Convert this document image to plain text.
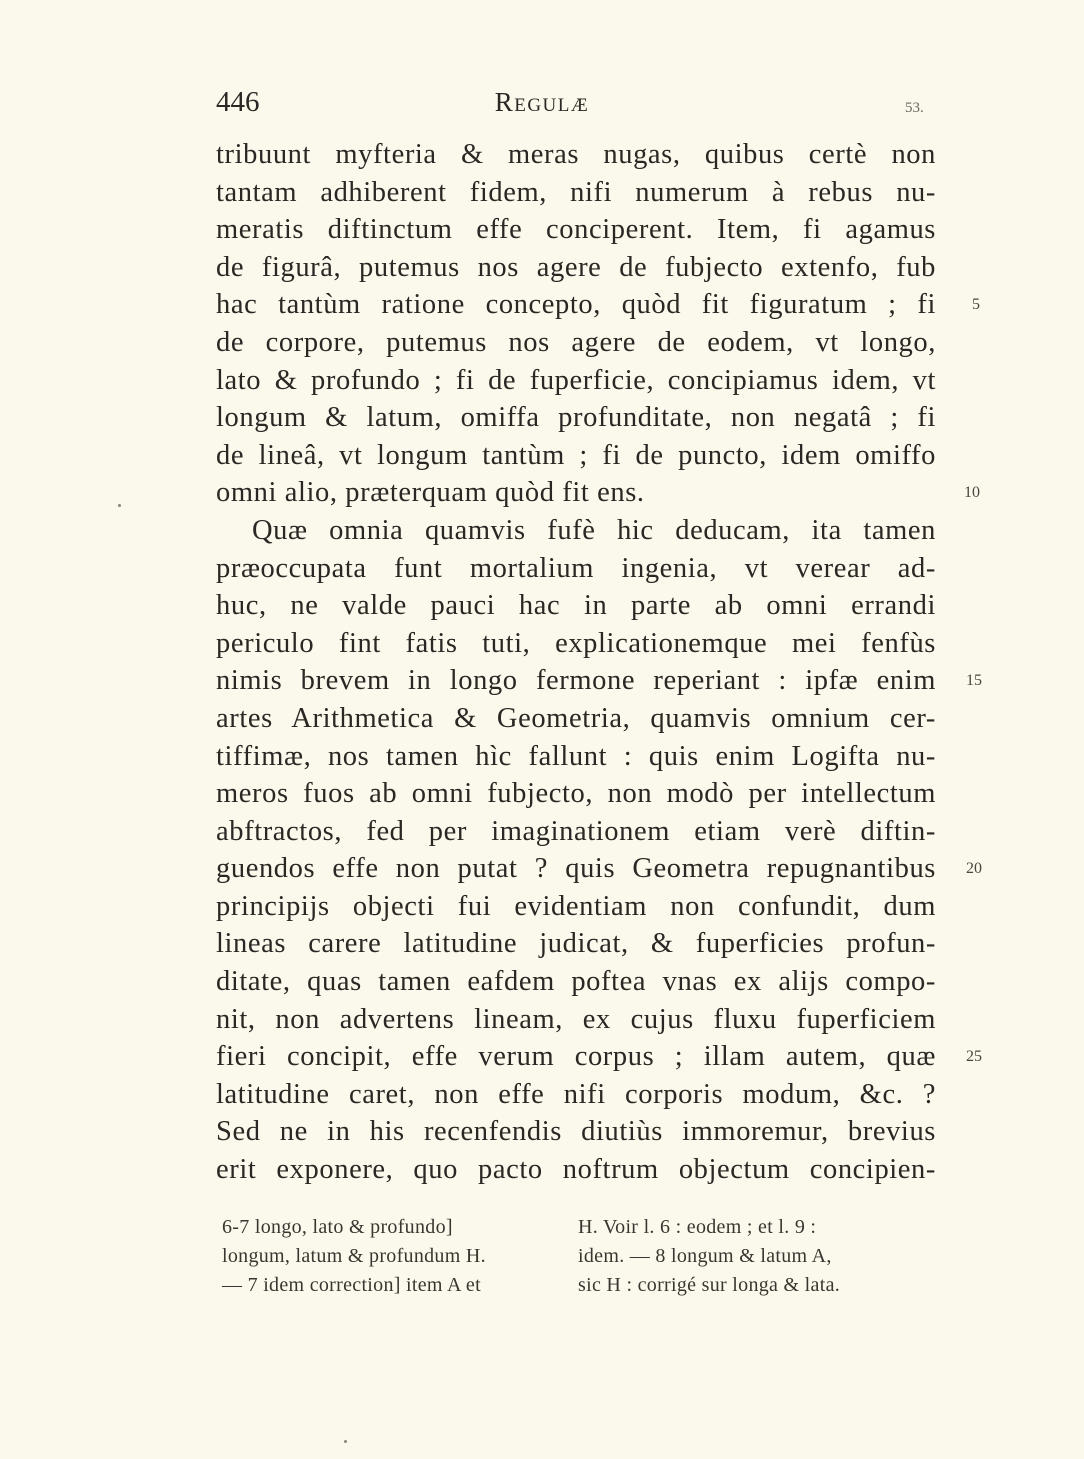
446	Regulæ	53.
tribuunt myfteria & meras nugas, quibus certè non
tantam adhiberent fidem, nifi numerum à rebus nu-
meratis diftinctum effe conciperent. Item, fi agamus
de figurâ, putemus nos agere de fubjecto extenfo, fub
hac tantùm ratione concepto, quòd fit figuratum ; fi
de corpore, putemus nos agere de eodem, vt longo,
lato & profundo ; fi de fuperficie, concipiamus idem, vt
longum & latum, omiffa profunditate, non negatâ ; fi
de lineâ, vt longum tantùm ; fi de puncto, idem omiffo
omni alio, præterquam quòd fit ens.
Quæ omnia quamvis fufè hic deducam, ita tamen
præoccupata funt mortalium ingenia, vt verear ad-
huc, ne valde pauci hac in parte ab omni errandi
periculo fint fatis tuti, explicationemque mei fenfùs
nimis brevem in longo fermone reperiant : ipfæ enim
artes Arithmetica & Geometria, quamvis omnium cer-
tiffimæ, nos tamen hìc fallunt : quis enim Logifta nu-
meros fuos ab omni fubjecto, non modò per intellectum
abftractos, fed per imaginationem etiam verè diftin-
guendos effe non putat ? quis Geometra repugnantibus
principijs objecti fui evidentiam non confundit, dum
lineas carere latitudine judicat, & fuperficies profun-
ditate, quas tamen eafdem poftea vnas ex alijs compo-
nit, non advertens lineam, ex cujus fluxu fuperficiem
fieri concipit, effe verum corpus ; illam autem, quæ
latitudine caret, non effe nifi corporis modum, &c. ?
Sed ne in his recenfendis diutiùs immoremur, brevius
erit exponere, quo pacto noftrum objectum concipien-
5
10
15
20
25
6-7 longo, lato & profundo]
longum, latum & profundum H.
— 7 idem correction] item A et
H. Voir l. 6 : eodem ; et l. 9 :
idem. — 8 longum & latum A,
sic H : corrigé sur longa & lata.
